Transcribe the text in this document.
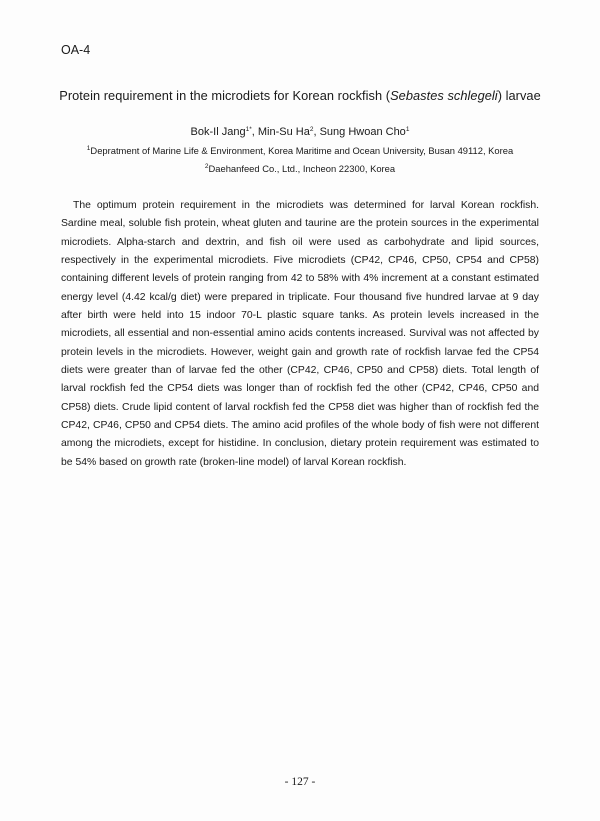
OA-4
Protein requirement in the microdiets for Korean rockfish (Sebastes schlegeli) larvae
Bok-Il Jang$^{1*}$, Min-Su Ha$^2$, Sung Hwoan Cho$^1$
$^1$Depratment of Marine Life & Environment, Korea Maritime and Ocean University, Busan 49112, Korea
$^2$Daehanfeed Co., Ltd., Incheon 22300, Korea

The optimum protein requirement in the microdiets was determined for larval Korean rockfish. Sardine meal, soluble fish protein, wheat gluten and taurine are the protein sources in the experimental microdiets. Alpha-starch and dextrin, and fish oil were used as carbohydrate and lipid sources, respectively in the experimental microdiets. Five microdiets (CP42, CP46, CP50, CP54 and CP58) containing different levels of protein ranging from 42 to 58% with 4% increment at a constant estimated energy level (4.42 kcal/g diet) were prepared in triplicate. Four thousand five hundred larvae at 9 day after birth were held into 15 indoor 70-L plastic square tanks. As protein levels increased in the microdiets, all essential and non-essential amino acids contents increased. Survival was not affected by protein levels in the microdiets. However, weight gain and growth rate of rockfish larvae fed the CP54 diets were greater than of larvae fed the other (CP42, CP46, CP50 and CP58) diets. Total length of larval rockfish fed the CP54 diets was longer than of rockfish fed the other (CP42, CP46, CP50 and CP58) diets. Crude lipid content of larval rockfish fed the CP58 diet was higher than of rockfish fed the CP42, CP46, CP50 and CP54 diets. The amino acid profiles of the whole body of fish were not different among the microdiets, except for histidine. In conclusion, dietary protein requirement was estimated to be 54% based on growth rate (broken-line model) of larval Korean rockfish.

- 127 -
